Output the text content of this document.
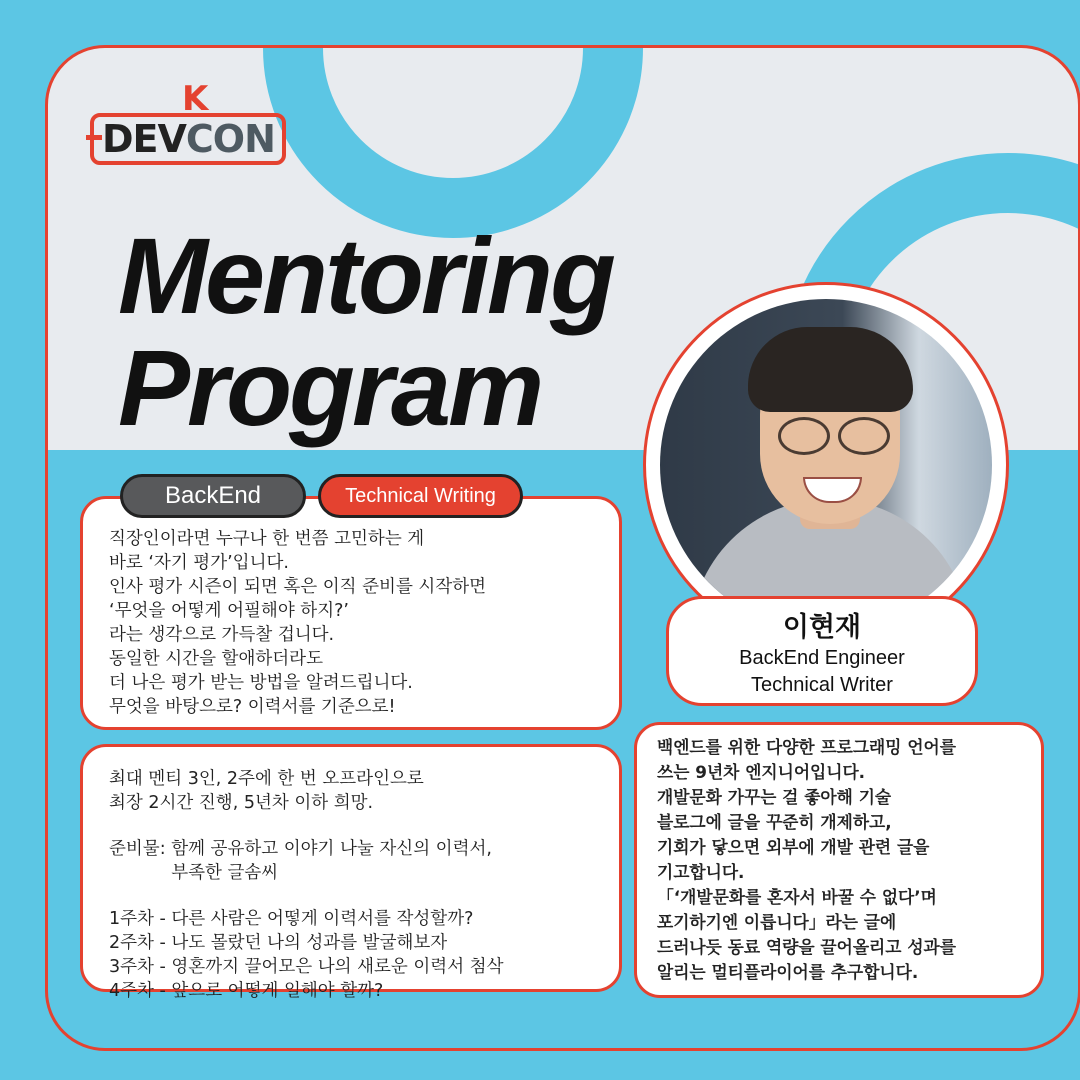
K
DEVCON
Mentoring
Program
직장인이라면 누구나 한 번쯤 고민하는 게
바로 ‘자기 평가’입니다.
인사 평가 시즌이 되면 혹은 이직 준비를 시작하면
‘무엇을 어떻게 어필해야 하지?’
라는 생각으로 가득찰 겁니다.
동일한 시간을 할애하더라도
더 나은 평가 받는 방법을 알려드립니다.
무엇을 바탕으로? 이력서를 기준으로!
BackEnd	Technical Writing
최대 멘티 3인, 2주에 한 번 오프라인으로
최장 2시간 진행, 5년차 이하 희망.
준비물: 함께 공유하고 이야기 나눌 자신의 이력서,
부족한 글솜씨
1주차 - 다른 사람은 어떻게 이력서를 작성할까?
2주차 - 나도 몰랐던 나의 성과를 발굴해보자
3주차 - 영혼까지 끌어모은 나의 새로운 이력서 첨삭
4주차 - 앞으로 어떻게 일해야 할까?
이현재
BackEnd Engineer
Technical Writer
백엔드를 위한 다양한 프로그래밍 언어를
쓰는 9년차 엔지니어입니다.
개발문화 가꾸는 걸 좋아해 기술
블로그에 글을 꾸준히 개제하고,
기회가 닿으면 외부에 개발 관련 글을
기고합니다.
「‘개발문화를 혼자서 바꿀 수 없다’며
포기하기엔 이릅니다」라는 글에
드러나듯 동료 역량을 끌어올리고 성과를
알리는 멀티플라이어를 추구합니다.
